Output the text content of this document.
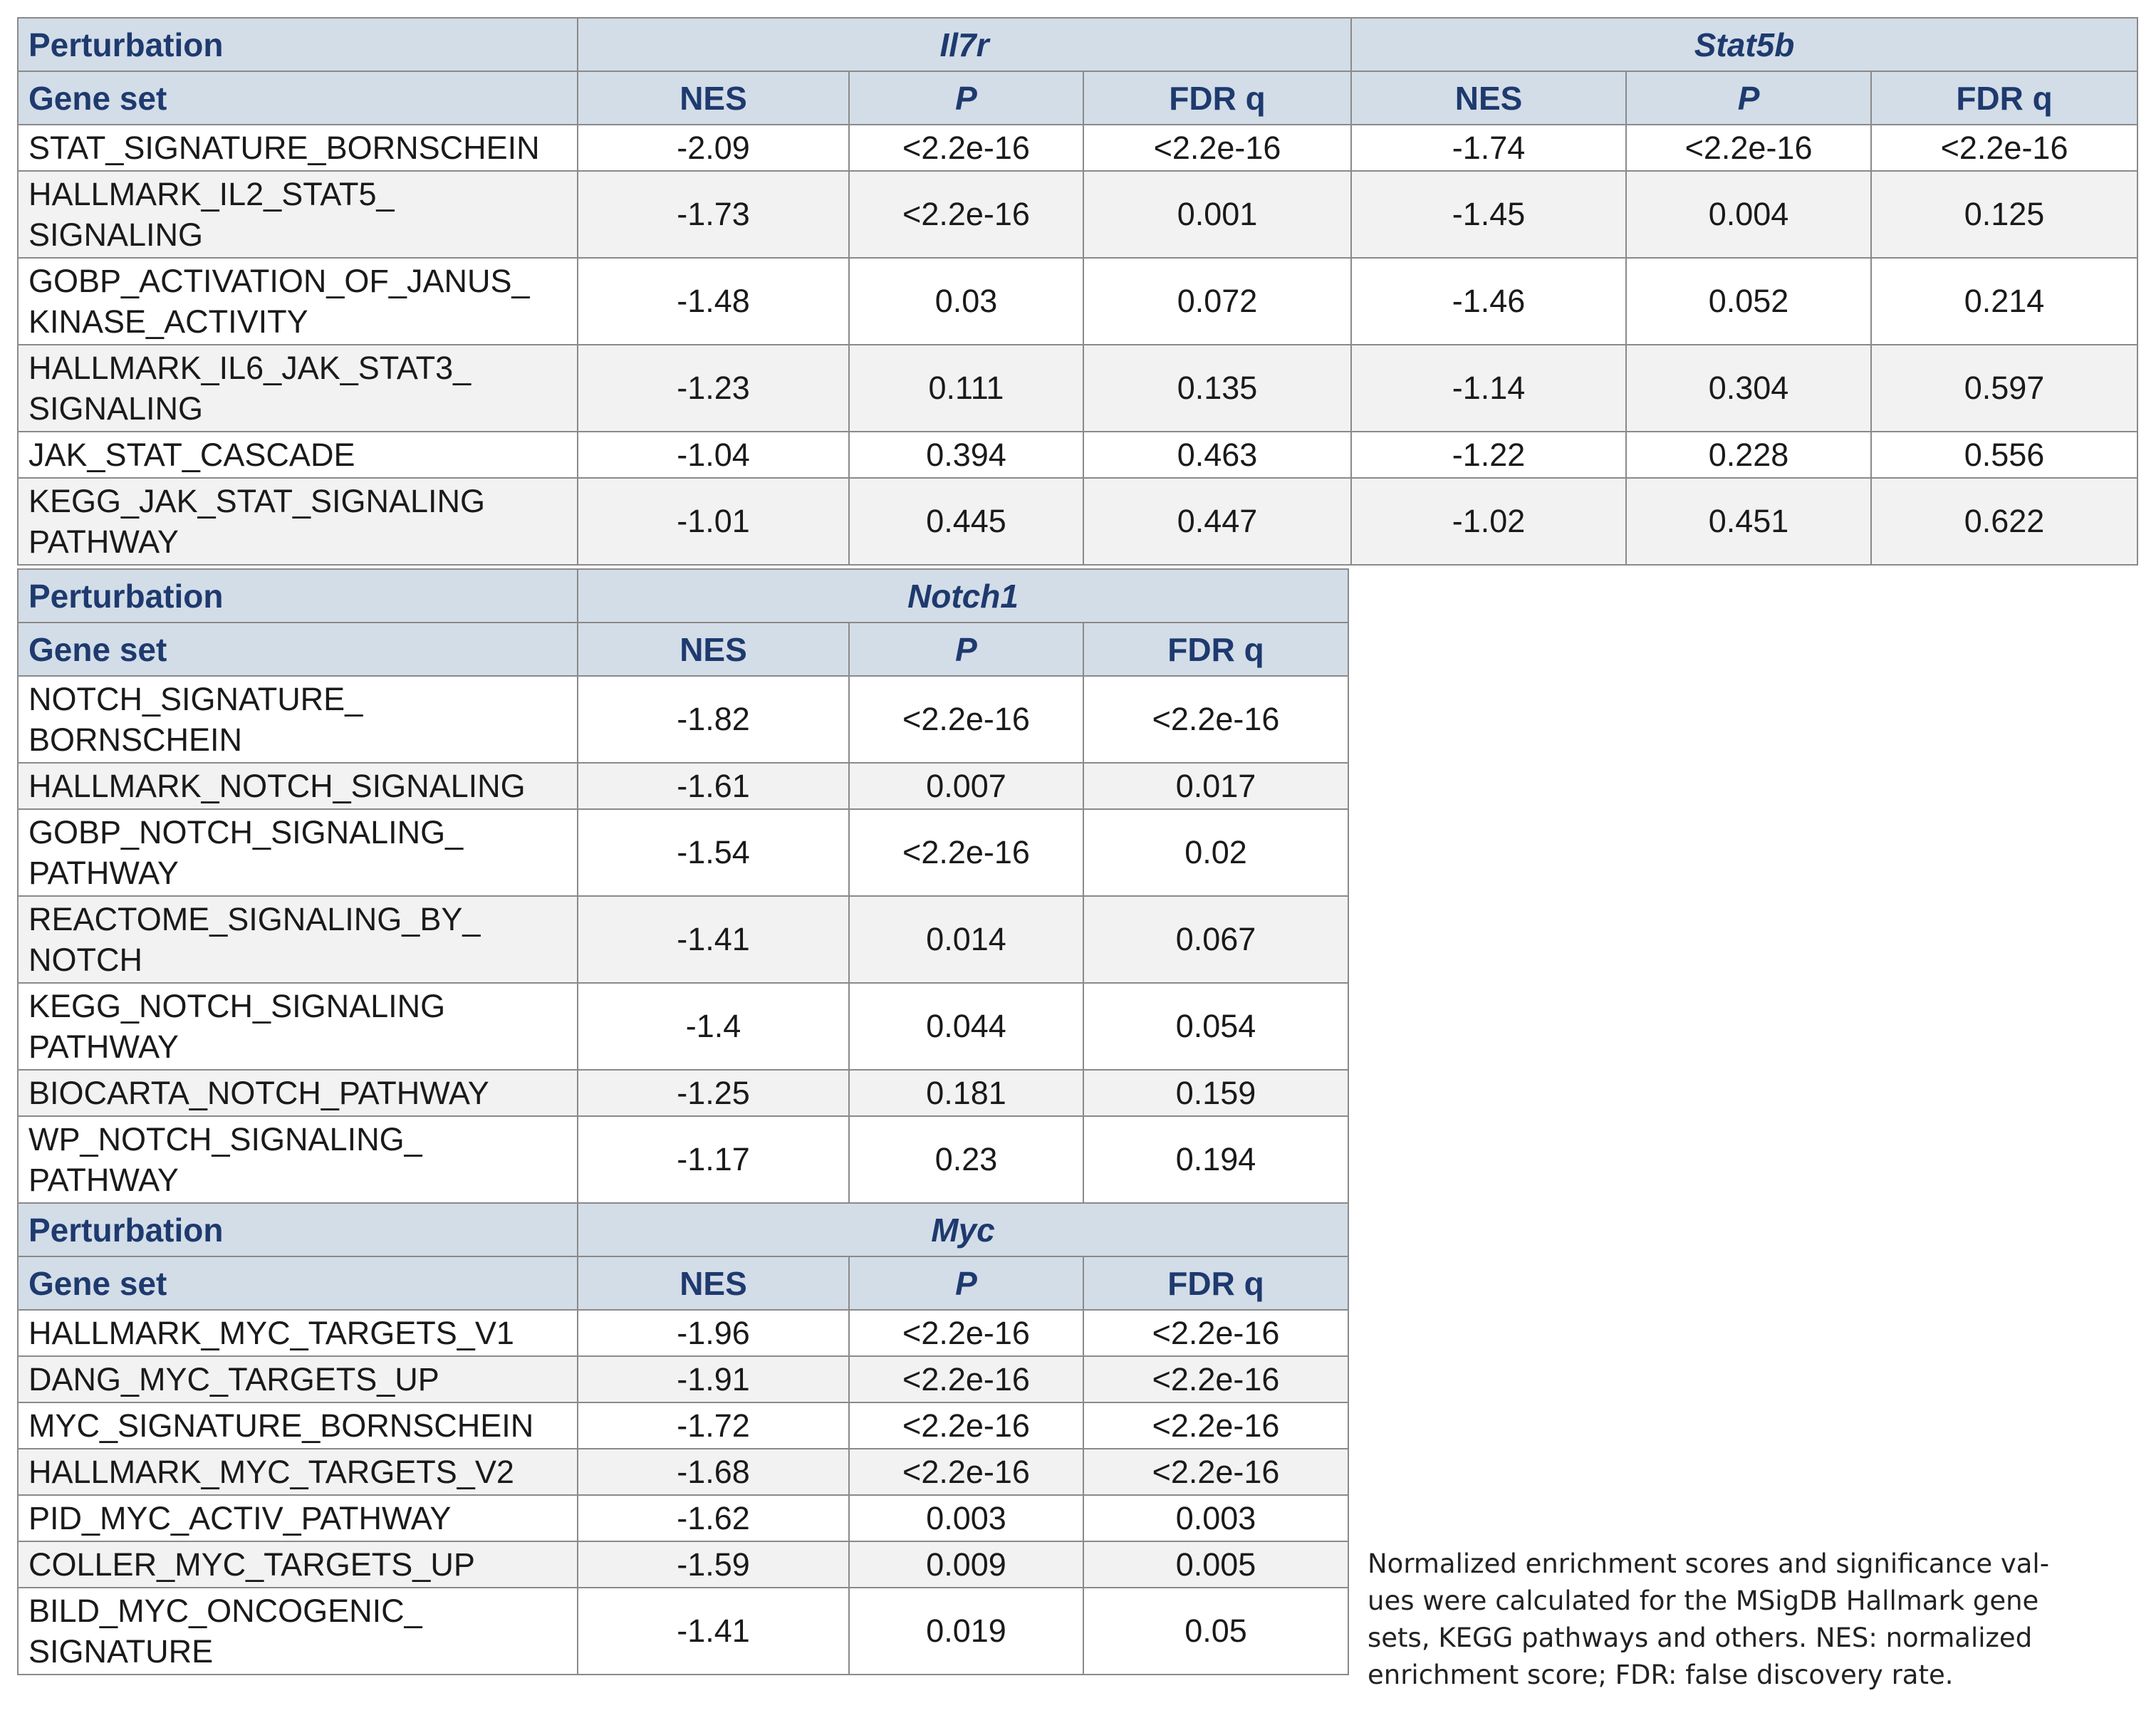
Perturbation	Il7r			Stat5b		
Gene set	NES	P	FDR q	NES	P	FDR q
STAT_SIGNATURE_BORNSCHEIN	-2.09	<2.2e-16	<2.2e-16	-1.74	<2.2e-16	<2.2e-16
HALLMARK_IL2_STAT5_
SIGNALING	-1.73	<2.2e-16	0.001	-1.45	0.004	0.125
GOBP_ACTIVATION_OF_JANUS_
KINASE_ACTIVITY	-1.48	0.03	0.072	-1.46	0.052	0.214
HALLMARK_IL6_JAK_STAT3_
SIGNALING	-1.23	0.111	0.135	-1.14	0.304	0.597
JAK_STAT_CASCADE	-1.04	0.394	0.463	-1.22	0.228	0.556
KEGG_JAK_STAT_SIGNALING
PATHWAY	-1.01	0.445	0.447	-1.02	0.451	0.622
Perturbation	Notch1		
Gene set	NES	P	FDR q
NOTCH_SIGNATURE_
BORNSCHEIN	-1.82	<2.2e-16	<2.2e-16
HALLMARK_NOTCH_SIGNALING	-1.61	0.007	0.017
GOBP_NOTCH_SIGNALING_
PATHWAY	-1.54	<2.2e-16	0.02
REACTOME_SIGNALING_BY_
NOTCH	-1.41	0.014	0.067
KEGG_NOTCH_SIGNALING
PATHWAY	-1.4	0.044	0.054
BIOCARTA_NOTCH_PATHWAY	-1.25	0.181	0.159
WP_NOTCH_SIGNALING_
PATHWAY	-1.17	0.23	0.194
Perturbation	Myc		
Gene set	NES	P	FDR q
HALLMARK_MYC_TARGETS_V1	-1.96	<2.2e-16	<2.2e-16
DANG_MYC_TARGETS_UP	-1.91	<2.2e-16	<2.2e-16
MYC_SIGNATURE_BORNSCHEIN	-1.72	<2.2e-16	<2.2e-16
HALLMARK_MYC_TARGETS_V2	-1.68	<2.2e-16	<2.2e-16
PID_MYC_ACTIV_PATHWAY	-1.62	0.003	0.003
COLLER_MYC_TARGETS_UP	-1.59	0.009	0.005
BILD_MYC_ONCOGENIC_
SIGNATURE	-1.41	0.019	0.05
Normalized enrichment scores and significance val-
ues were calculated for the MSigDB Hallmark gene
sets, KEGG pathways and others. NES: normalized
enrichment score; FDR: false discovery rate.
